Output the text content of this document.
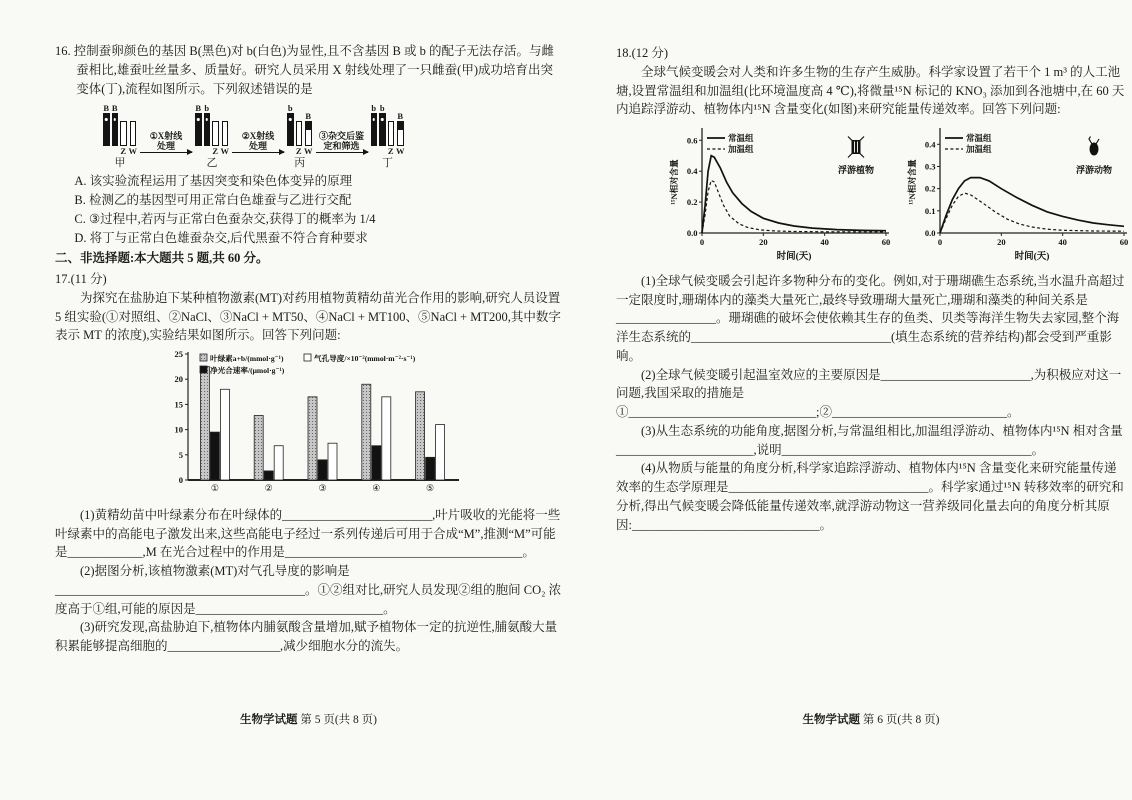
16. 控制蚕卵颜色的基因 B(黑色)对 b(白色)为显性,且不含基因 B 或 b 的配子无法存活。与雌蚕相比,雄蚕吐丝量多、质量好。研究人员采用 X 射线处理了一只雌蚕(甲)成功培育出突变体(丁),流程如图所示。下列叙述错误的是

B B
Z W
甲
①X射线
处理
B b
Z W
乙
②X射线
处理
b
Z
B
W
丙
③杂交后鉴
定和筛选
b b
Z
B
W
丁

A. 该实验流程运用了基因突变和染色体变异的原理

B. 检测乙的基因型可用正常白色雄蚕与乙进行交配

C. ③过程中,若丙与正常白色蚕杂交,获得丁的概率为 1/4

D. 将丁与正常白色雄蚕杂交,后代黑蚕不符合育种要求

二、非选择题:本大题共 5 题,共 60 分。

17.(11 分)

为探究在盐胁迫下某种植物激素(MT)对药用植物黄精幼苗光合作用的影响,研究人员设置 5 组实验(①对照组、②NaCl、③NaCl + MT50、④NaCl + MT100、⑤NaCl + MT200,其中数字表示 MT 的浓度),实验结果如图所示。回答下列问题:

0
5
10
15
20
25
①	②	③	④	⑤
叶绿素a+b/(mmol·g⁻¹)	气孔导度/×10⁻²(mmol·m⁻²·s⁻¹)
净光合速率/(μmol·g⁻¹)

(1)黄精幼苗中叶绿素分布在叶绿体的________________________,叶片吸收的光能将一些叶绿素中的高能电子激发出来,这些高能电子经过一系列传递后可用于合成“M”,推测“M”可能是____________,M 在光合过程中的作用是______________________________________。

(2)据图分析,该植物激素(MT)对气孔导度的影响是________________________________________。①②组对比,研究人员发现②组的胞间 CO₂ 浓度高于①组,可能的原因是______________________________。

(3)研究发现,高盐胁迫下,植物体内脯氨酸含量增加,赋予植物体一定的抗逆性,脯氨酸大量积累能够提高细胞的__________________,减少细胞水分的流失。

18.(12 分)

全球气候变暖会对人类和许多生物的生存产生威胁。科学家设置了若干个 1 m³ 的人工池塘,设置常温组和加温组(比环境温度高 4 ℃),将微量¹⁵N 标记的 KNO₃ 添加到各池塘中,在 60 天内追踪浮游动、植物体内¹⁵N 含量变化(如图)来研究能量传递效率。回答下列问题:

0.0
0.2
0.4
0.6
0	20	40	60
时间(天)
¹⁵N相对含量
常温组
加温组
浮游植物
0.0
0.1
0.2
0.3
0.4
0	20	40	60
时间(天)
¹⁵N相对含量
常温组
加温组
浮游动物

(1)全球气候变暖会引起许多物种分布的变化。例如,对于珊瑚礁生态系统,当水温升高超过一定限度时,珊瑚体内的藻类大量死亡,最终导致珊瑚大量死亡,珊瑚和藻类的种间关系是________________。珊瑚礁的破坏会使依赖其生存的鱼类、贝类等海洋生物失去家园,整个海洋生态系统的________________________________(填生态系统的营养结构)都会受到严重影响。

(2)全球气候变暖引起温室效应的主要原因是________________________,为积极应对这一问题,我国采取的措施是①______________________________;②____________________________。

(3)从生态系统的功能角度,据图分析,与常温组相比,加温组浮游动、植物体内¹⁵N 相对含量______________________,说明________________________________________。

(4)从物质与能量的角度分析,科学家追踪浮游动、植物体内¹⁵N 含量变化来研究能量传递效率的生态学原理是________________________________。科学家通过¹⁵N 转移效率的研究和分析,得出气候变暖会降低能量传递效率,就浮游动物这一营养级同化量去向的角度分析其原因:______________________________。

生物学试题 第 5 页(共 8 页)	生物学试题 第 6 页(共 8 页)
